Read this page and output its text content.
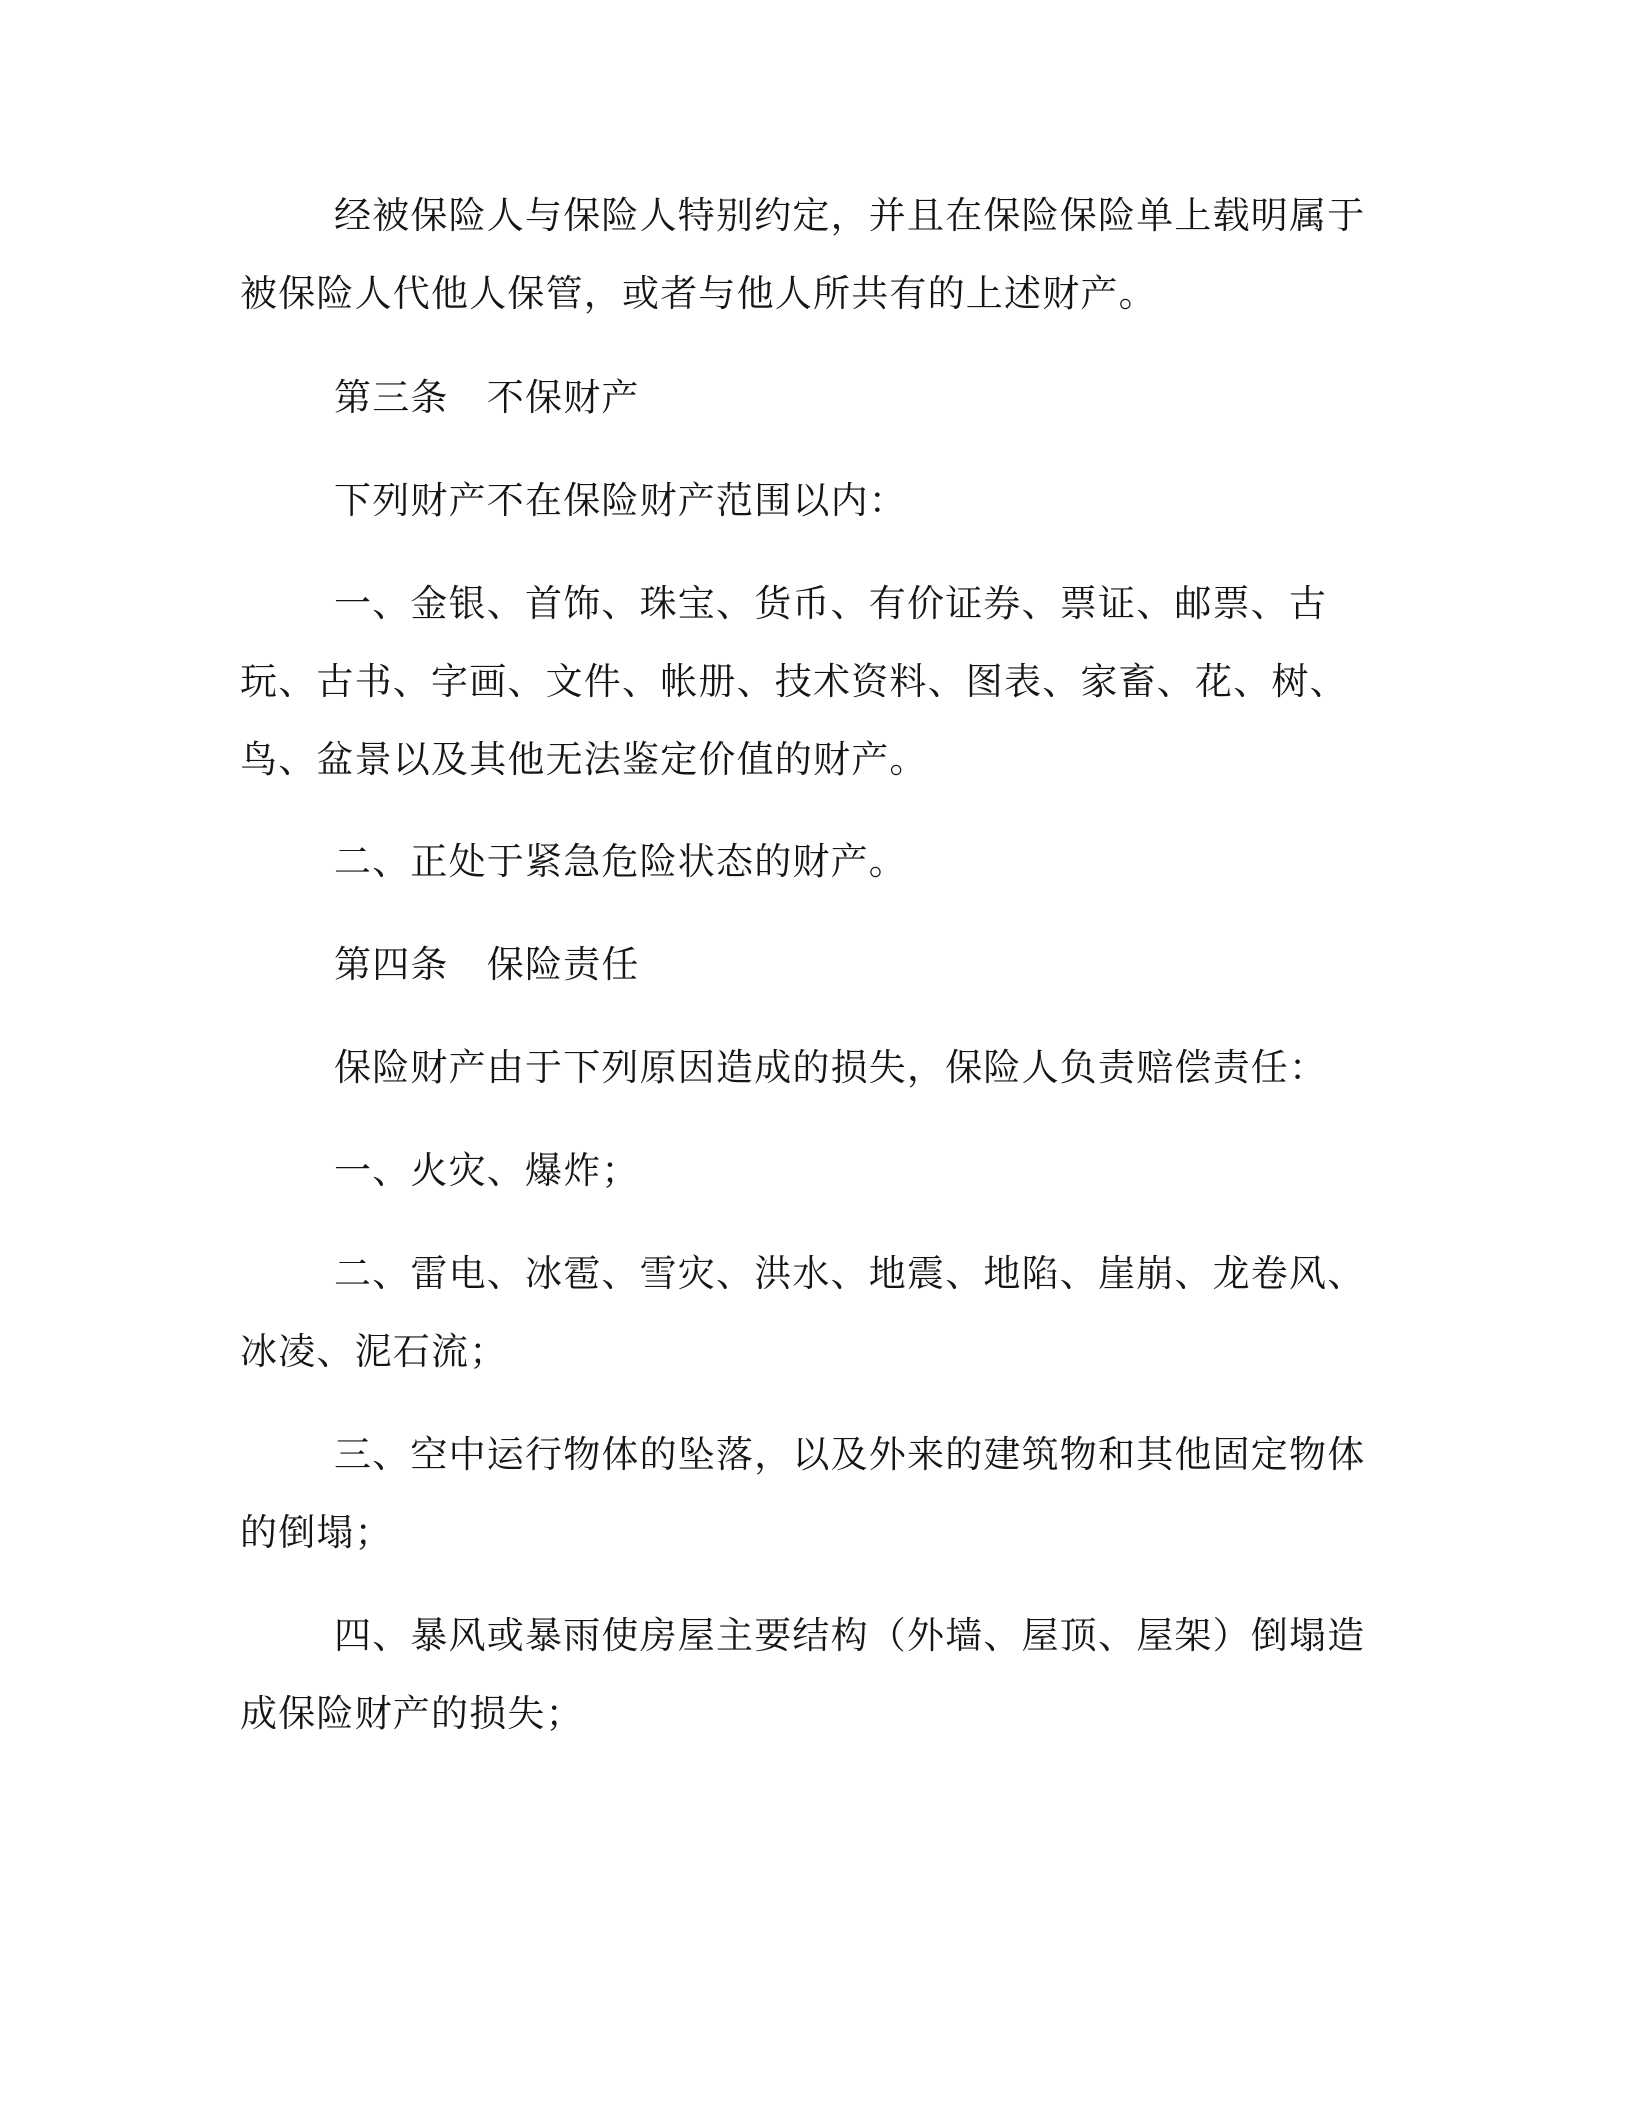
经被保险人与保险人特别约定，并且在保险保险单上载明属于被保险人代他人保管，或者与他人所共有的上述财产。

第三条　不保财产

下列财产不在保险财产范围以内：

一、金银、首饰、珠宝、货币、有价证券、票证、邮票、古玩、古书、字画、文件、帐册、技术资料、图表、家畜、花、树、鸟、盆景以及其他无法鉴定价值的财产。

二、正处于紧急危险状态的财产。

第四条　保险责任

保险财产由于下列原因造成的损失，保险人负责赔偿责任：

一、火灾、爆炸；

二、雷电、冰雹、雪灾、洪水、地震、地陷、崖崩、龙卷风、冰凌、泥石流；

三、空中运行物体的坠落，以及外来的建筑物和其他固定物体的倒塌；

四、暴风或暴雨使房屋主要结构（外墙、屋顶、屋架）倒塌造成保险财产的损失；
